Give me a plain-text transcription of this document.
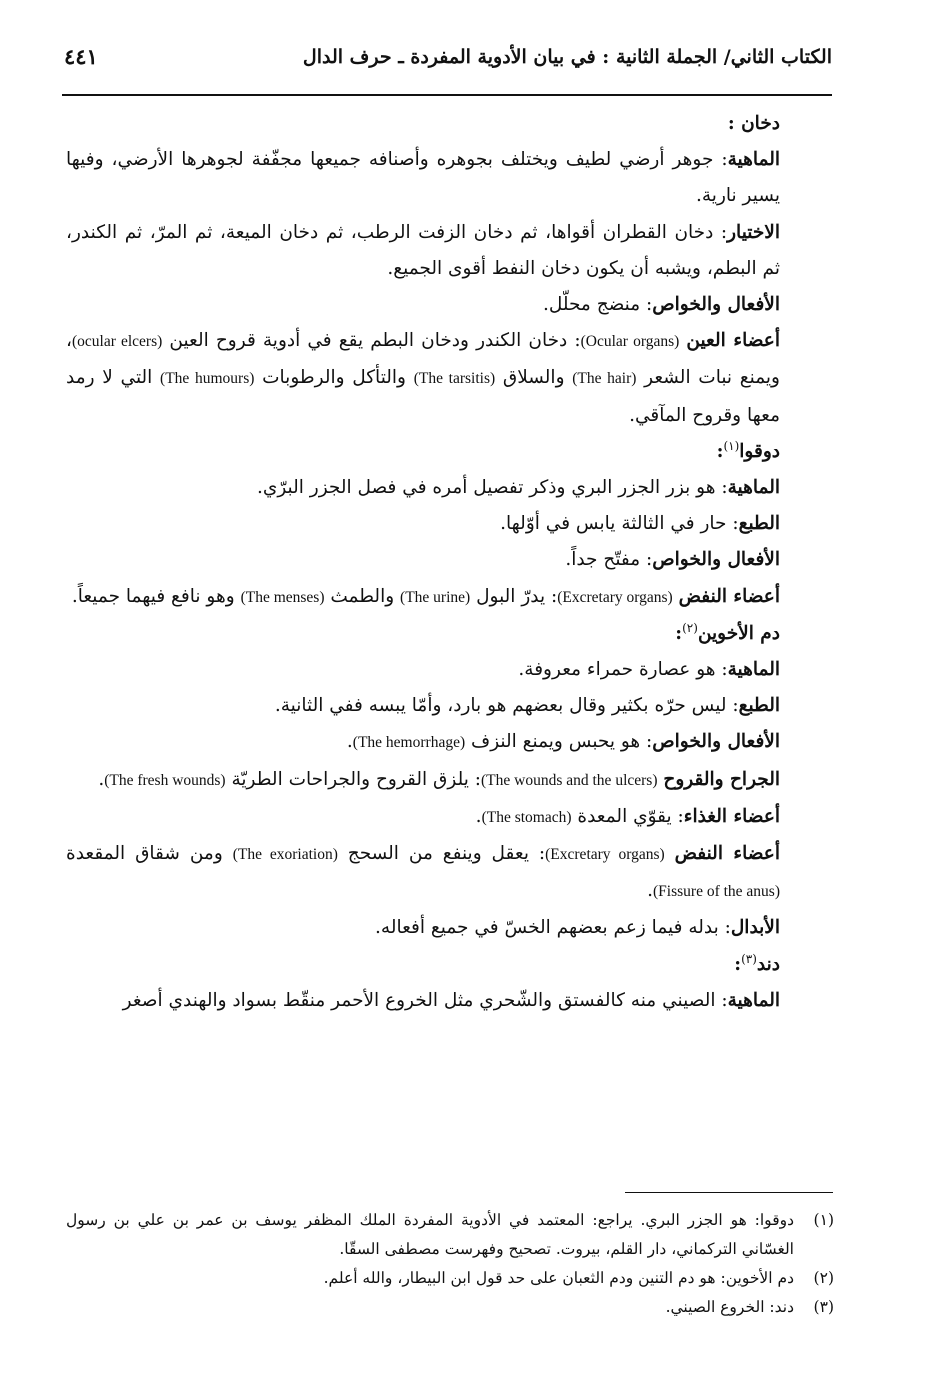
الكتاب الثاني/ الجملة الثانية : في بيان الأدوية المفردة ـ حرف الدال
٤٤١

دخان :

الماهية: جوهر أرضي لطيف ويختلف بجوهره وأصنافه جميعها مجفّفة لجوهرها الأرضي، وفيها يسير نارية.

الاختيار: دخان القطران أقواها، ثم دخان الزفت الرطب، ثم دخان الميعة، ثم المرّ، ثم الكندر، ثم البطم، ويشبه أن يكون دخان النفط أقوى الجميع.

الأفعال والخواص: منضج محلّل.

أعضاء العين (Ocular organs): دخان الكندر ودخان البطم يقع في أدوية قروح العين (ocular elcers)، ويمنع نبات الشعر (The hair) والسلاق (The tarsitis) والتأكل والرطوبات (The humours) التي لا رمد معها وقروح المآقي.

دوقوا$^{(١)}$:

الماهية: هو بزر الجزر البري وذكر تفصيل أمره في فصل الجزر البرّي.

الطبع: حار في الثالثة يابس في أوّلها.

الأفعال والخواص: مفتّح جداً.

أعضاء النفض (Excretary organs): يدرّ البول (The urine) والطمث (The menses) وهو نافع فيهما جميعاً.

دم الأخوين$^{(٢)}$:

الماهية: هو عصارة حمراء معروفة.

الطبع: ليس حرّه بكثير وقال بعضهم هو بارد، وأمّا يبسه ففي الثانية.

الأفعال والخواص: هو يحبس ويمنع النزف (The hemorrhage).

الجراح والقروح (The wounds and the ulcers): يلزق القروح والجراحات الطريّة (The fresh wounds).

أعضاء الغذاء: يقوّي المعدة (The stomach).

أعضاء النفض (Excretary organs): يعقل وينفع من السحج (The exoriation) ومن شقاق المقعدة (Fissure of the anus).

الأبدال: بدله فيما زعم بعضهم الخسّ في جميع أفعاله.

دند$^{(٣)}$:

الماهية: الصيني منه كالفستق والشّحري مثل الخروع الأحمر منقّط بسواد والهندي أصغر

(١)
دوقوا: هو الجزر البري. يراجع: المعتمد في الأدوية المفردة الملك المظفر يوسف بن عمر بن علي بن رسول الغسّاني التركماني، دار القلم، بيروت. تصحيح وفهرست مصطفى السقّا.
(٢)
دم الأخوين: هو دم التنين ودم الثعبان على حد قول ابن البيطار، والله أعلم.
(٣)
دند: الخروع الصيني.
